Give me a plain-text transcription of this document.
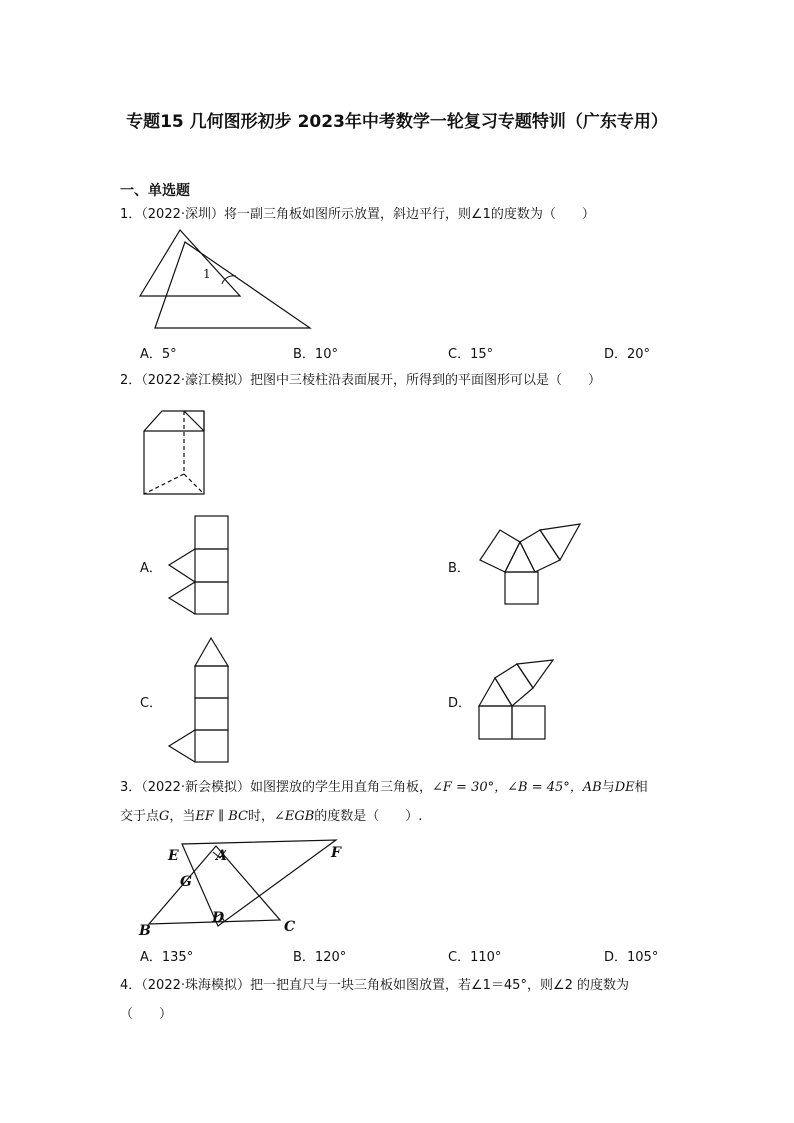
专题15 几何图形初步 2023年中考数学一轮复习专题特训（广东专用）
一、单选题
1．（2022·深圳）将一副三角板如图所示放置，斜边平行，则∠1的度数为（　　）
1
A．5°	B．10°	C．15°	D．20°
2．（2022·濠江模拟）把图中三棱柱沿表面展开，所得到的平面图形可以是（　　）
A．	B．
C．	D．
3．（2022·新会模拟）如图摆放的学生用直角三角板，∠F = 30°，∠B = 45°，AB与DE相
交于点G，当EF ∥ BC时，∠EGB的度数是（　　）.
E	A	F
G
D
B	C
A．135°	B．120°	C．110°	D．105°
4．（2022·珠海模拟）把一把直尺与一块三角板如图放置，若∠1＝45°，则∠2 的度数为
（　　）
